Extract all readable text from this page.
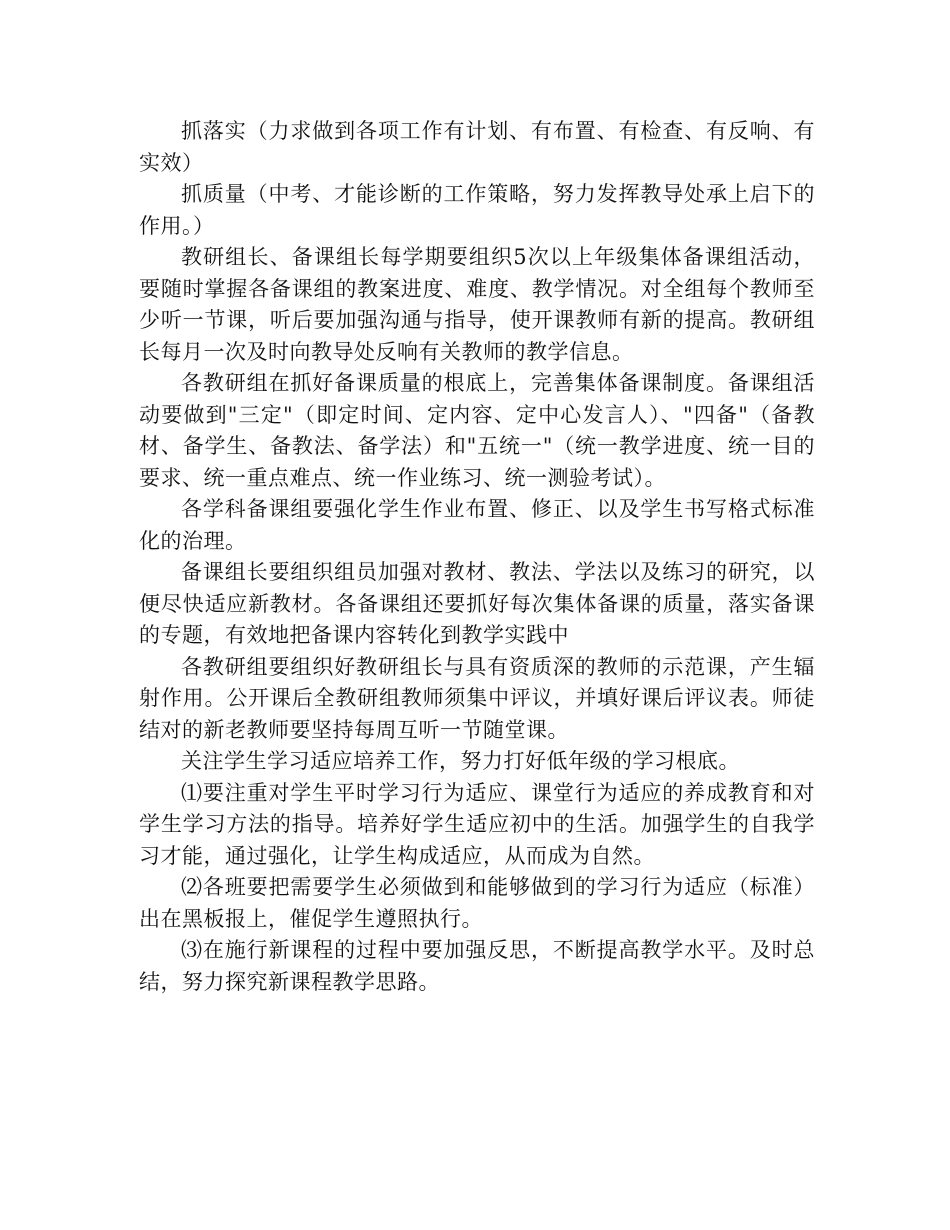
抓落实（力求做到各项工作有计划、有布置、有检查、有反响、有实效）

抓质量（中考、才能诊断的工作策略，努力发挥教导处承上启下的作用。）

教研组长、备课组长每学期要组织5次以上年级集体备课组活动，要随时掌握各备课组的教案进度、难度、教学情况。对全组每个教师至少听一节课，听后要加强沟通与指导，使开课教师有新的提高。教研组长每月一次及时向教导处反响有关教师的教学信息。

各教研组在抓好备课质量的根底上，完善集体备课制度。备课组活动要做到"三定"（即定时间、定内容、定中心发言人）、"四备"（备教材、备学生、备教法、备学法）和"五统一"（统一教学进度、统一目的要求、统一重点难点、统一作业练习、统一测验考试）。

各学科备课组要强化学生作业布置、修正、以及学生书写格式标准化的治理。

备课组长要组织组员加强对教材、教法、学法以及练习的研究，以便尽快适应新教材。各备课组还要抓好每次集体备课的质量，落实备课的专题，有效地把备课内容转化到教学实践中

各教研组要组织好教研组长与具有资质深的教师的示范课，产生辐射作用。公开课后全教研组教师须集中评议，并填好课后评议表。师徒结对的新老教师要坚持每周互听一节随堂课。

关注学生学习适应培养工作，努力打好低年级的学习根底。

⑴要注重对学生平时学习行为适应、课堂行为适应的养成教育和对学生学习方法的指导。培养好学生适应初中的生活。加强学生的自我学习才能，通过强化，让学生构成适应，从而成为自然。

⑵各班要把需要学生必须做到和能够做到的学习行为适应（标准）出在黑板报上，催促学生遵照执行。

⑶在施行新课程的过程中要加强反思，不断提高教学水平。及时总结，努力探究新课程教学思路。
